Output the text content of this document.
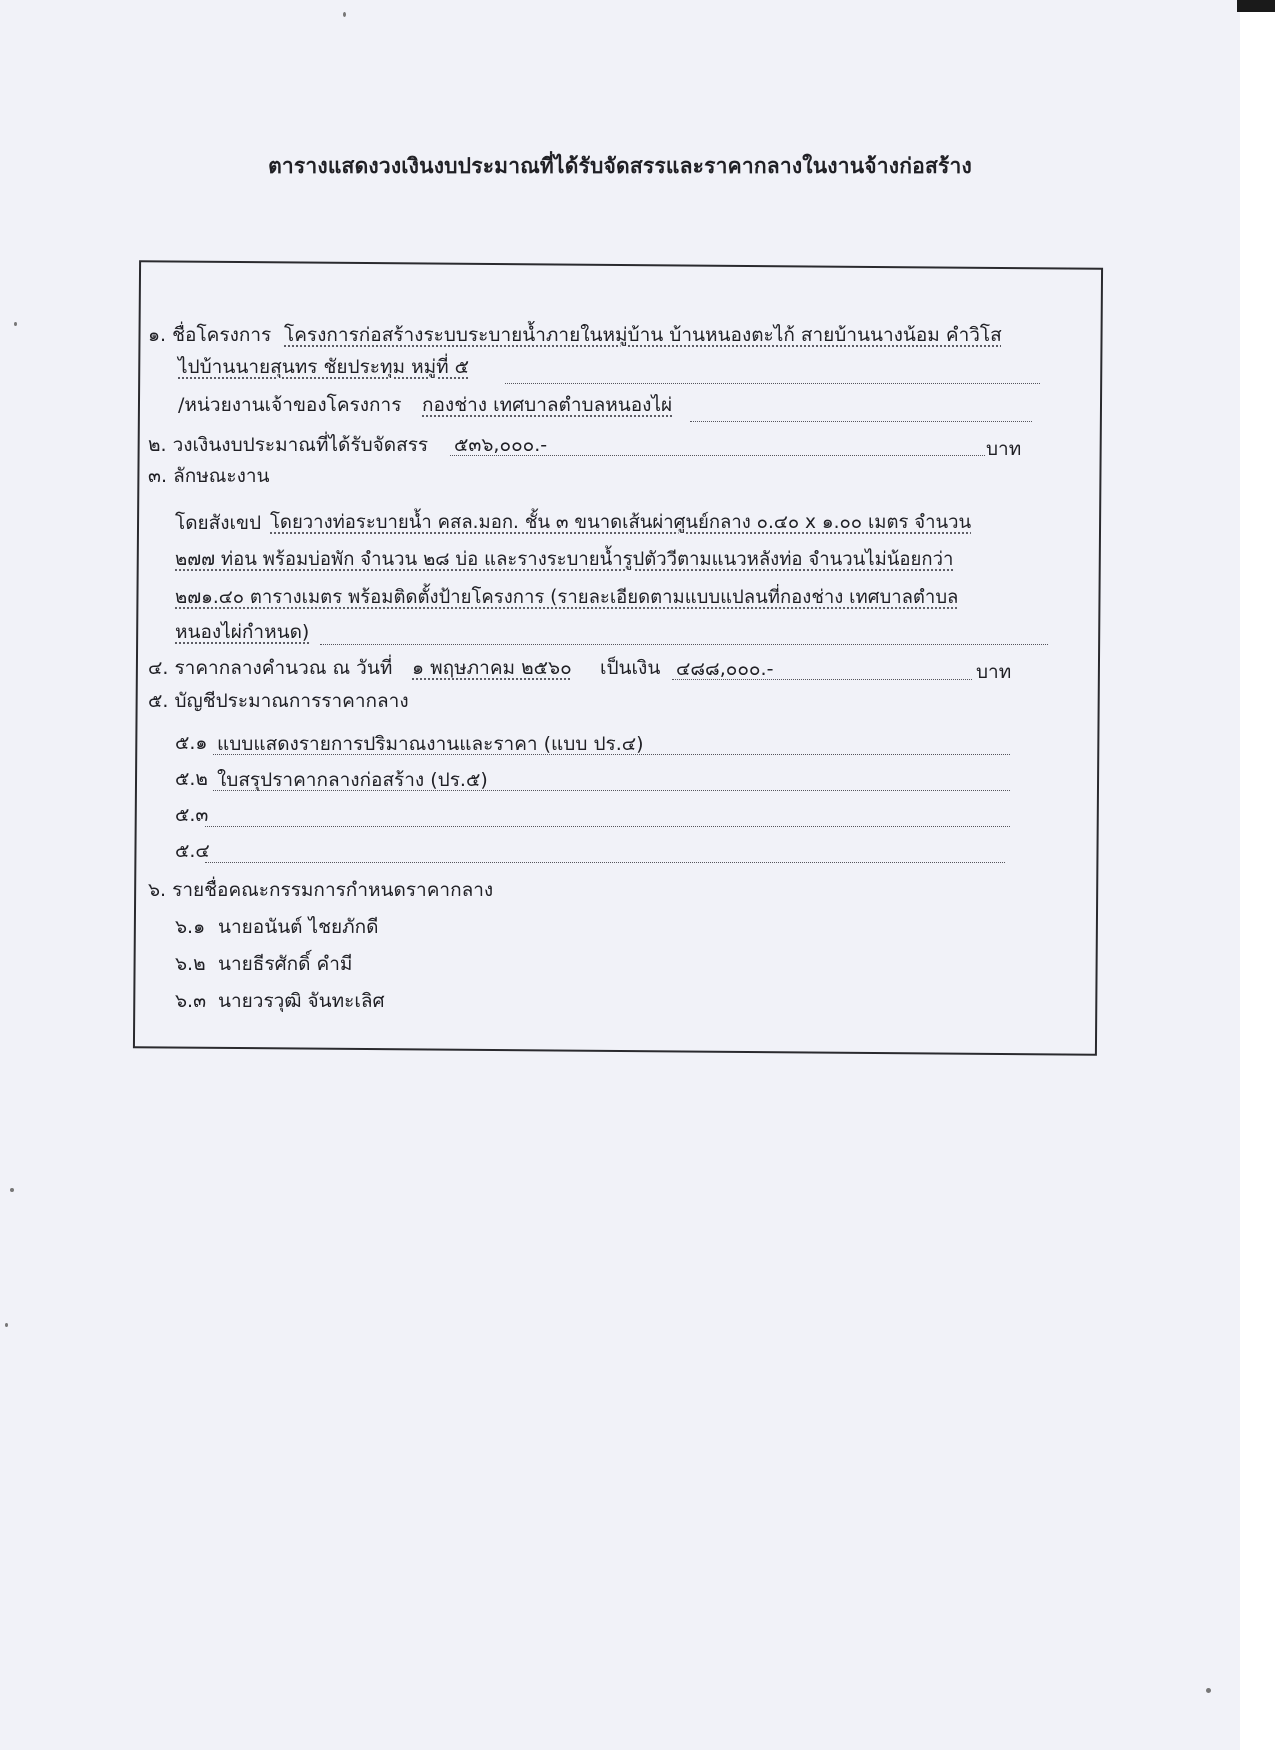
ตารางแสดงวงเงินงบประมาณที่ได้รับจัดสรรและราคากลางในงานจ้างก่อสร้าง
๑. ชื่อโครงการ โครงการก่อสร้างระบบระบายน้ำภายในหมู่บ้าน บ้านหนองตะไก้ สายบ้านนางน้อม คำวิโส
ไปบ้านนายสุนทร ชัยประทุม หมู่ที่ ๕
/หน่วยงานเจ้าของโครงการ กองช่าง เทศบาลตำบลหนองไผ่
๒. วงเงินงบประมาณที่ได้รับจัดสรร ๕๓๖,๐๐๐.-	บาท
๓. ลักษณะงาน
โดยสังเขป โดยวางท่อระบายน้ำ คสล.มอก. ชั้น ๓ ขนาดเส้นผ่าศูนย์กลาง ๐.๔๐ x ๑.๐๐ เมตร จำนวน
๒๗๗ ท่อน พร้อมบ่อพัก จำนวน ๒๘ บ่อ และรางระบายน้ำรูปตัววีตามแนวหลังท่อ จำนวนไม่น้อยกว่า
๒๗๑.๔๐ ตารางเมตร พร้อมติดตั้งป้ายโครงการ (รายละเอียดตามแบบแปลนที่กองช่าง เทศบาลตำบล
หนองไผ่กำหนด)
๔. ราคากลางคำนวณ ณ วันที่ ๑ พฤษภาคม ๒๕๖๐ เป็นเงิน ๔๘๘,๐๐๐.-	บาท
๕. บัญชีประมาณการราคากลาง
๕.๑ แบบแสดงรายการปริมาณงานและราคา (แบบ ปร.๔)
๕.๒ ใบสรุปราคากลางก่อสร้าง (ปร.๕)
๕.๓
๕.๔
๖. รายชื่อคณะกรรมการกำหนดราคากลาง
๖.๑ นายอนันต์ ไชยภักดี
๖.๒ นายธีรศักดิ์ คำมี
๖.๓ นายวรวุฒิ จันทะเลิศ
